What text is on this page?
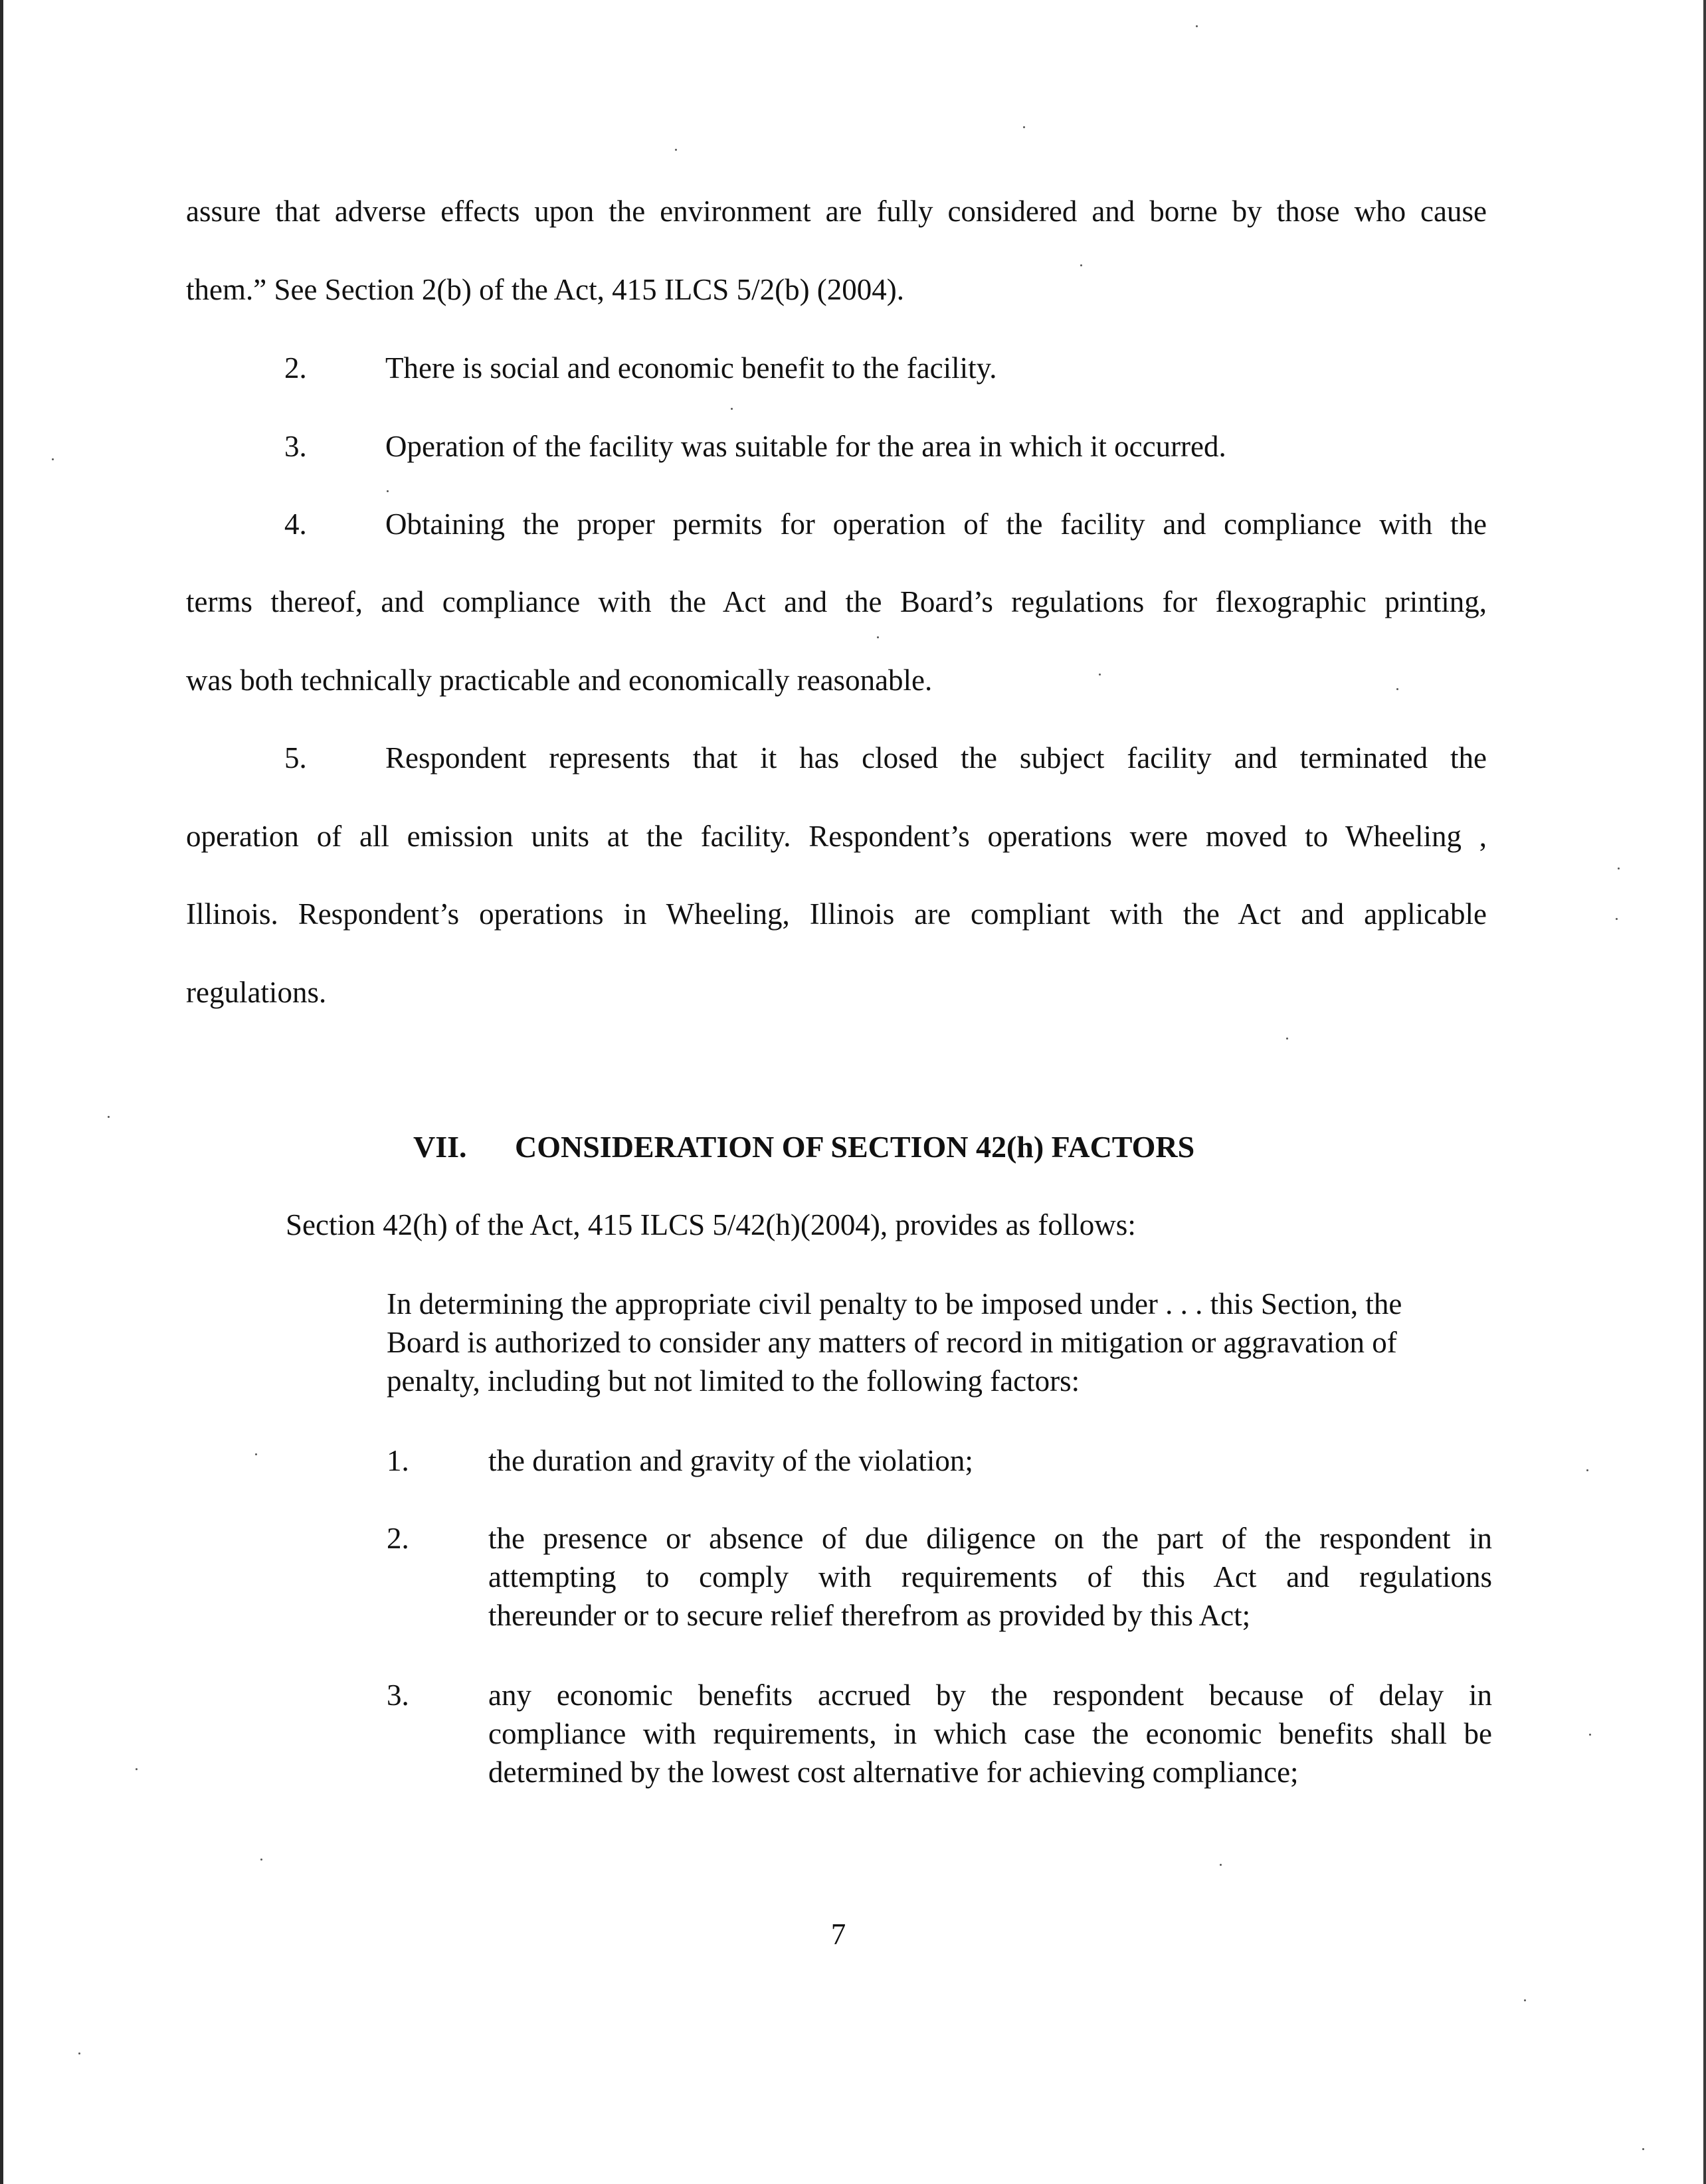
assure that adverse effects upon the environment are fully considered and borne by those who cause
them.” See Section 2(b) of the Act, 415 ILCS 5/2(b) (2004).
2.	There is social and economic benefit to the facility.
3.	Operation of the facility was suitable for the area in which it occurred.
4.	Obtaining the proper permits for operation of the facility and compliance with the
terms thereof, and compliance with the Act and the Board’s regulations for flexographic printing,
was both technically practicable and economically reasonable.
5.	Respondent represents that it has closed the subject facility and terminated the
operation of all emission units at the facility. Respondent’s operations were moved to Wheeling ,
Illinois. Respondent’s operations in Wheeling, Illinois are compliant with the Act and applicable
regulations.
VII. CONSIDERATION OF SECTION 42(h) FACTORS
Section 42(h) of the Act, 415 ILCS 5/42(h)(2004), provides as follows:
In determining the appropriate civil penalty to be imposed under . . . this Section, the
Board is authorized to consider any matters of record in mitigation or aggravation of
penalty, including but not limited to the following factors:
1.	the duration and gravity of the violation;
2.	the presence or absence of due diligence on the part of the respondent in
attempting to comply with requirements of this Act and regulations
thereunder or to secure relief therefrom as provided by this Act;
3.	any economic benefits accrued by the respondent because of delay in
compliance with requirements, in which case the economic benefits shall be
determined by the lowest cost alternative for achieving compliance;
7
